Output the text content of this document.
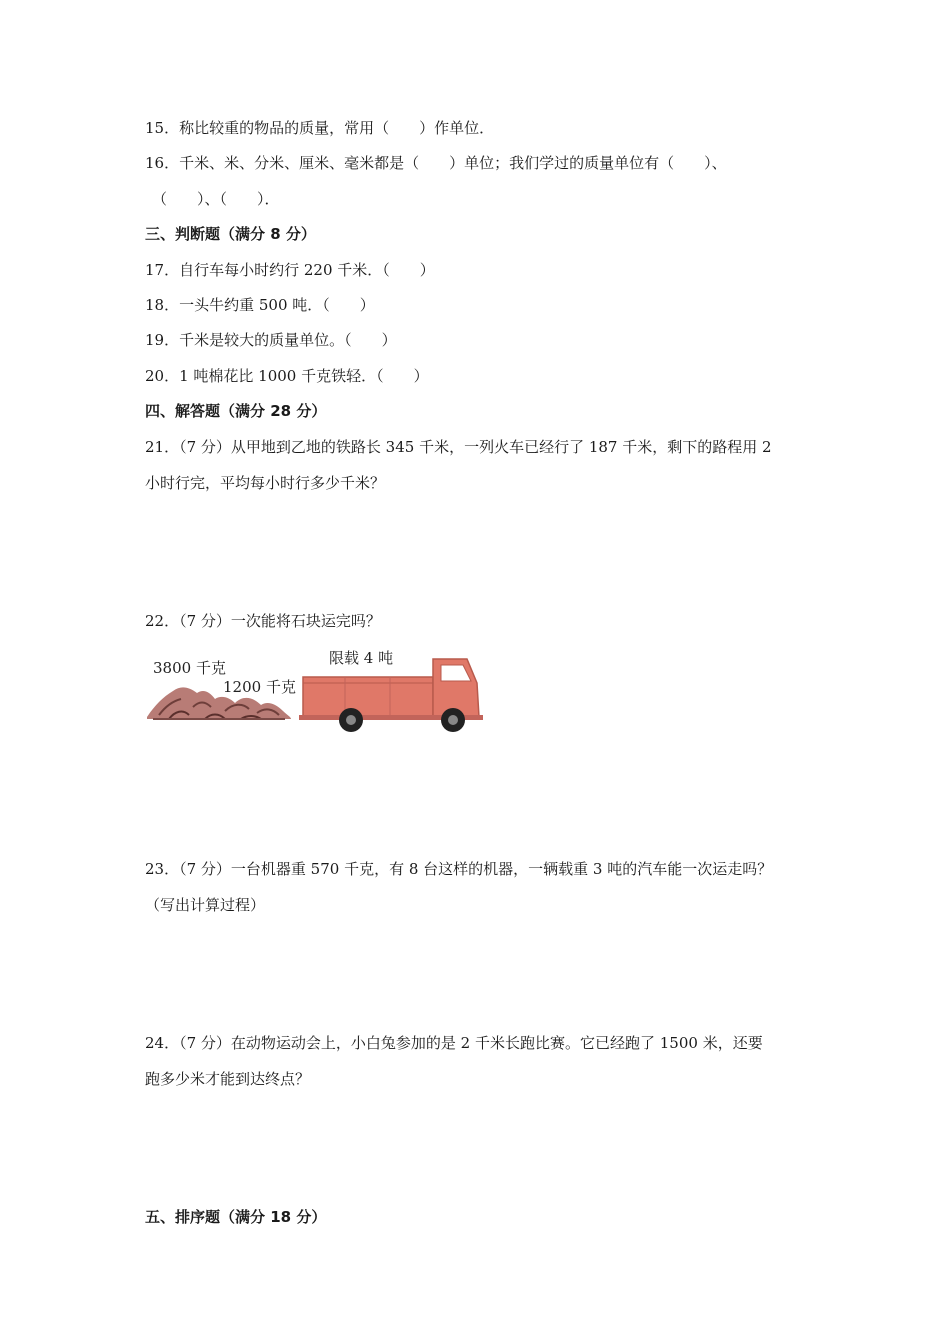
15．称比较重的物品的质量，常用（　　）作单位．
16．千米、米、分米、厘米、毫米都是（　　）单位；我们学过的质量单位有（　　）、
（　　）、（　　）．
三、判断题（满分 8 分）
17．自行车每小时约行 220 千米．（　　）
18．一头牛约重 500 吨．（　　）
19．千米是较大的质量单位。（　　）
20．1 吨棉花比 1000 千克铁轻．（　　）
四、解答题（满分 28 分）
21．（7 分）从甲地到乙地的铁路长 345 千米，一列火车已经行了 187 千米，剩下的路程用 2
小时行完，平均每小时行多少千米？
22．（7 分）一次能将石块运完吗？
3800 千克
1200 千克
限载 4 吨
23．（7 分）一台机器重 570 千克，有 8 台这样的机器，一辆载重 3 吨的汽车能一次运走吗？
（写出计算过程）
24．（7 分）在动物运动会上，小白兔参加的是 2 千米长跑比赛。它已经跑了 1500 米，还要
跑多少米才能到达终点？
五、排序题（满分 18 分）
